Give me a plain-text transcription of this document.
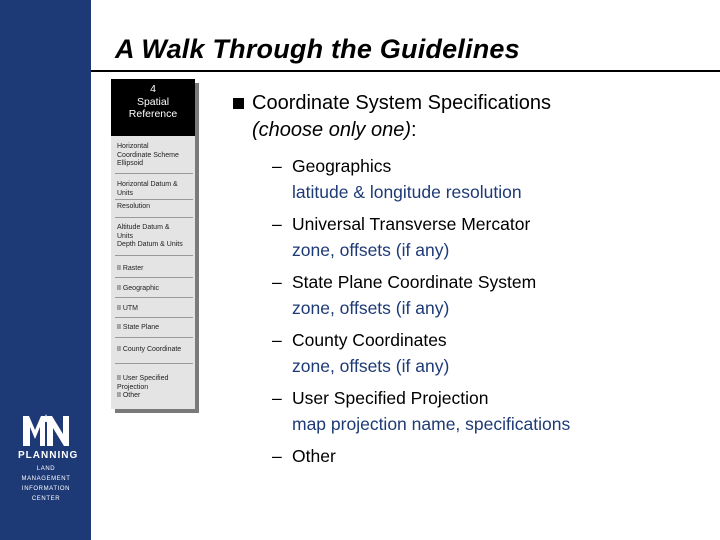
A Walk Through the Guidelines
4
Spatial
Reference
Horizontal
Coordinate Scheme
Ellipsoid
Horizontal Datum &
Units
Resolution
Altitude Datum &
Units
Depth Datum & Units
II Raster
II Geographic
II UTM
II State Plane
II County Coordinate
II User Specified
Projection
II Other
PLANNING
LAND
MANAGEMENT
INFORMATION
CENTER
Coordinate System Specifications
(choose only one):
– Geographics
latitude & longitude resolution
– Universal Transverse Mercator
zone, offsets (if any)
– State Plane Coordinate System
zone, offsets (if any)
– County Coordinates
zone, offsets (if any)
– User Specified Projection
map projection name, specifications
– Other
